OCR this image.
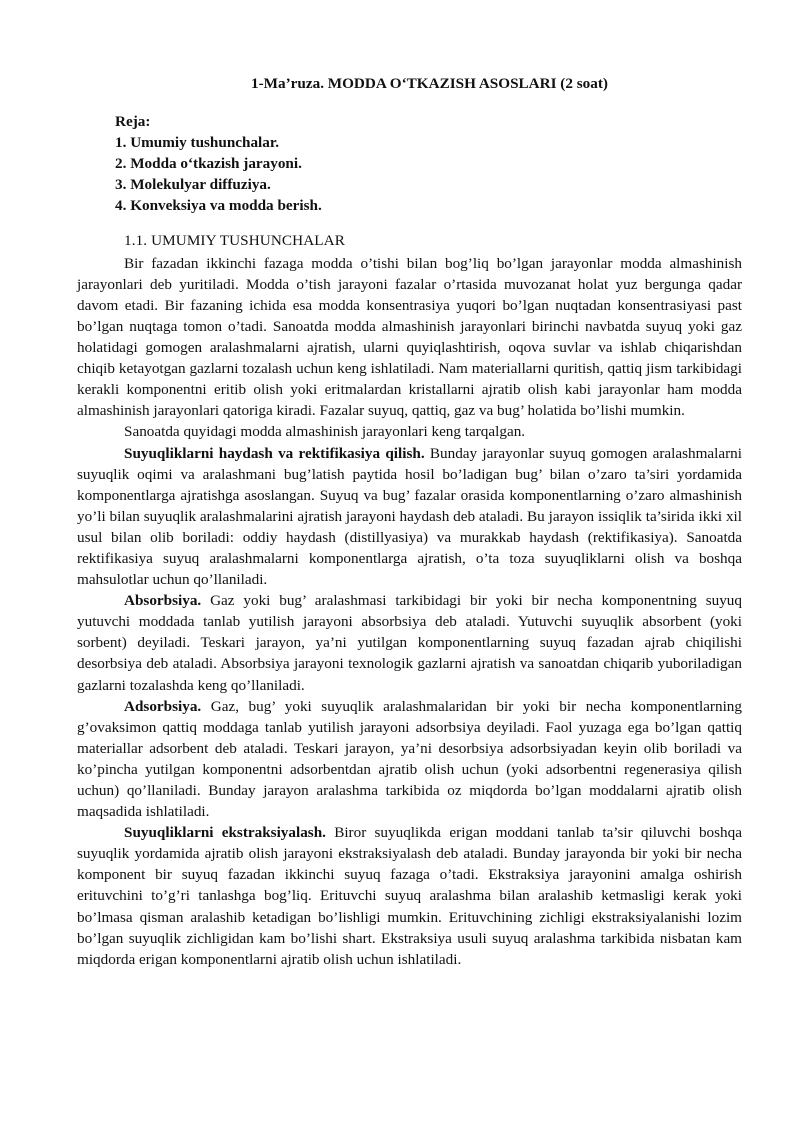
1-Ma’ruza. MODDA O‘TKAZISH ASOSLARI (2 soat)
Reja:
1. Umumiy tushunchalar.
2. Modda o‘tkazish jarayoni.
3. Molekulyar diffuziya.
4. Konveksiya va modda berish.
1.1. UMUMIY TUSHUNCHALAR

Bir fazadan ikkinchi fazaga modda o’tishi bilan bog’liq bo’lgan jarayonlar modda almashinish jarayonlari deb yuritiladi. Modda o’tish jarayoni fazalar o’rtasida muvozanat holat yuz bergunga qadar davom etadi. Bir fazaning ichida esa modda konsentrasiya yuqori bo’lgan nuqtadan konsentrasiyasi past bo’lgan nuqtaga tomon o’tadi. Sanoatda modda almashinish jarayonlari birinchi navbatda suyuq yoki gaz holatidagi gomogen aralashmalarni ajratish, ularni quyiqlashtirish, oqova suvlar va ishlab chiqarishdan chiqib ketayotgan gazlarni tozalash uchun keng ishlatiladi. Nam materiallarni quritish, qattiq jism tarkibidagi kerakli komponentni eritib olish yoki eritmalardan kristallarni ajratib olish kabi jarayonlar ham modda almashinish jarayonlari qatoriga kiradi. Fazalar suyuq, qattiq, gaz va bug’ holatida bo’lishi mumkin.

Sanoatda quyidagi modda almashinish jarayonlari keng tarqalgan.

Suyuqliklarni haydash va rektifikasiya qilish. Bunday jarayonlar suyuq gomogen aralashmalarni suyuqlik oqimi va aralashmani bug’latish paytida hosil bo’ladigan bug’ bilan o’zaro ta’siri yordamida komponentlarga ajratishga asoslangan. Suyuq va bug’ fazalar orasida komponentlarning o’zaro almashinish yo’li bilan suyuqlik aralashmalarini ajratish jarayoni haydash deb ataladi. Bu jarayon issiqlik ta’sirida ikki xil usul bilan olib boriladi: oddiy haydash (distillyasiya) va murakkab haydash (rektifikasiya). Sanoatda rektifikasiya suyuq aralashmalarni komponentlarga ajratish, o’ta toza suyuqliklarni olish va boshqa mahsulotlar uchun qo’llaniladi.

Absorbsiya. Gaz yoki bug’ aralashmasi tarkibidagi bir yoki bir necha komponentning suyuq yutuvchi moddada tanlab yutilish jarayoni absorbsiya deb ataladi. Yutuvchi suyuqlik absorbent (yoki sorbent) deyiladi. Teskari jarayon, ya’ni yutilgan komponentlarning suyuq fazadan ajrab chiqilishi desorbsiya deb ataladi. Absorbsiya jarayoni texnologik gazlarni ajratish va sanoatdan chiqarib yuboriladigan gazlarni tozalashda keng qo’llaniladi.

Adsorbsiya. Gaz, bug’ yoki suyuqlik aralashmalaridan bir yoki bir necha komponentlarning g’ovaksimon qattiq moddaga tanlab yutilish jarayoni adsorbsiya deyiladi. Faol yuzaga ega bo’lgan qattiq materiallar adsorbent deb ataladi. Teskari jarayon, ya’ni desorbsiya adsorbsiyadan keyin olib boriladi va ko’pincha yutilgan komponentni adsorbentdan ajratib olish uchun (yoki adsorbentni regenerasiya qilish uchun) qo’llaniladi. Bunday jarayon aralashma tarkibida oz miqdorda bo’lgan moddalarni ajratib olish maqsadida ishlatiladi.

Suyuqliklarni ekstraksiyalash. Biror suyuqlikda erigan moddani tanlab ta’sir qiluvchi boshqa suyuqlik yordamida ajratib olish jarayoni ekstraksiyalash deb ataladi. Bunday jarayonda bir yoki bir necha komponent bir suyuq fazadan ikkinchi suyuq fazaga o’tadi. Ekstraksiya jarayonini amalga oshirish erituvchini to’g’ri tanlashga bog’liq. Erituvchi suyuq aralashma bilan aralashib ketmasligi kerak yoki bo’lmasa qisman aralashib ketadigan bo’lishligi mumkin. Erituvchining zichligi ekstraksiyalanishi lozim bo’lgan suyuqlik zichligidan kam bo’lishi shart. Ekstraksiya usuli suyuq aralashma tarkibida nisbatan kam miqdorda erigan komponentlarni ajratib olish uchun ishlatiladi.
